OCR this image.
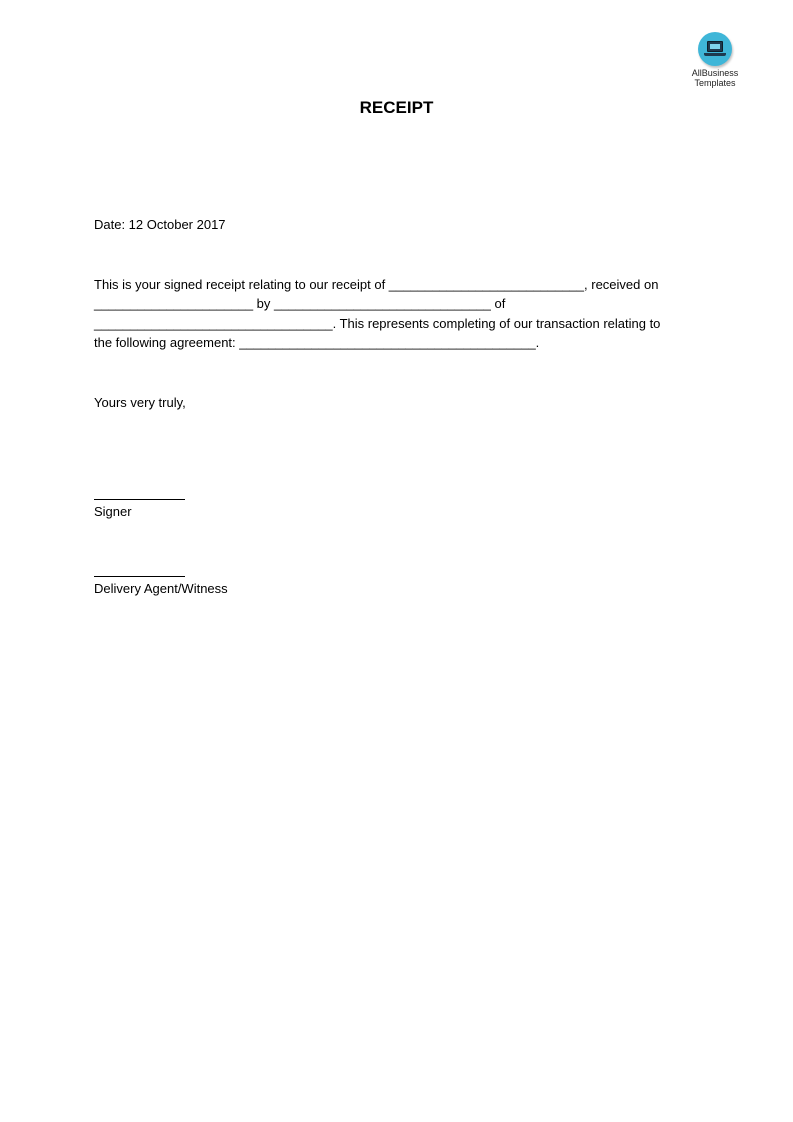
AllBusiness
Templates
RECEIPT
Date: 12 October 2017
This is your signed receipt relating to our receipt of ___________________________, received on
______________________ by ______________________________ of
_________________________________. This represents completing of our transaction relating to
the following agreement: _________________________________________.
Yours very truly,
Signer
Delivery Agent/Witness
